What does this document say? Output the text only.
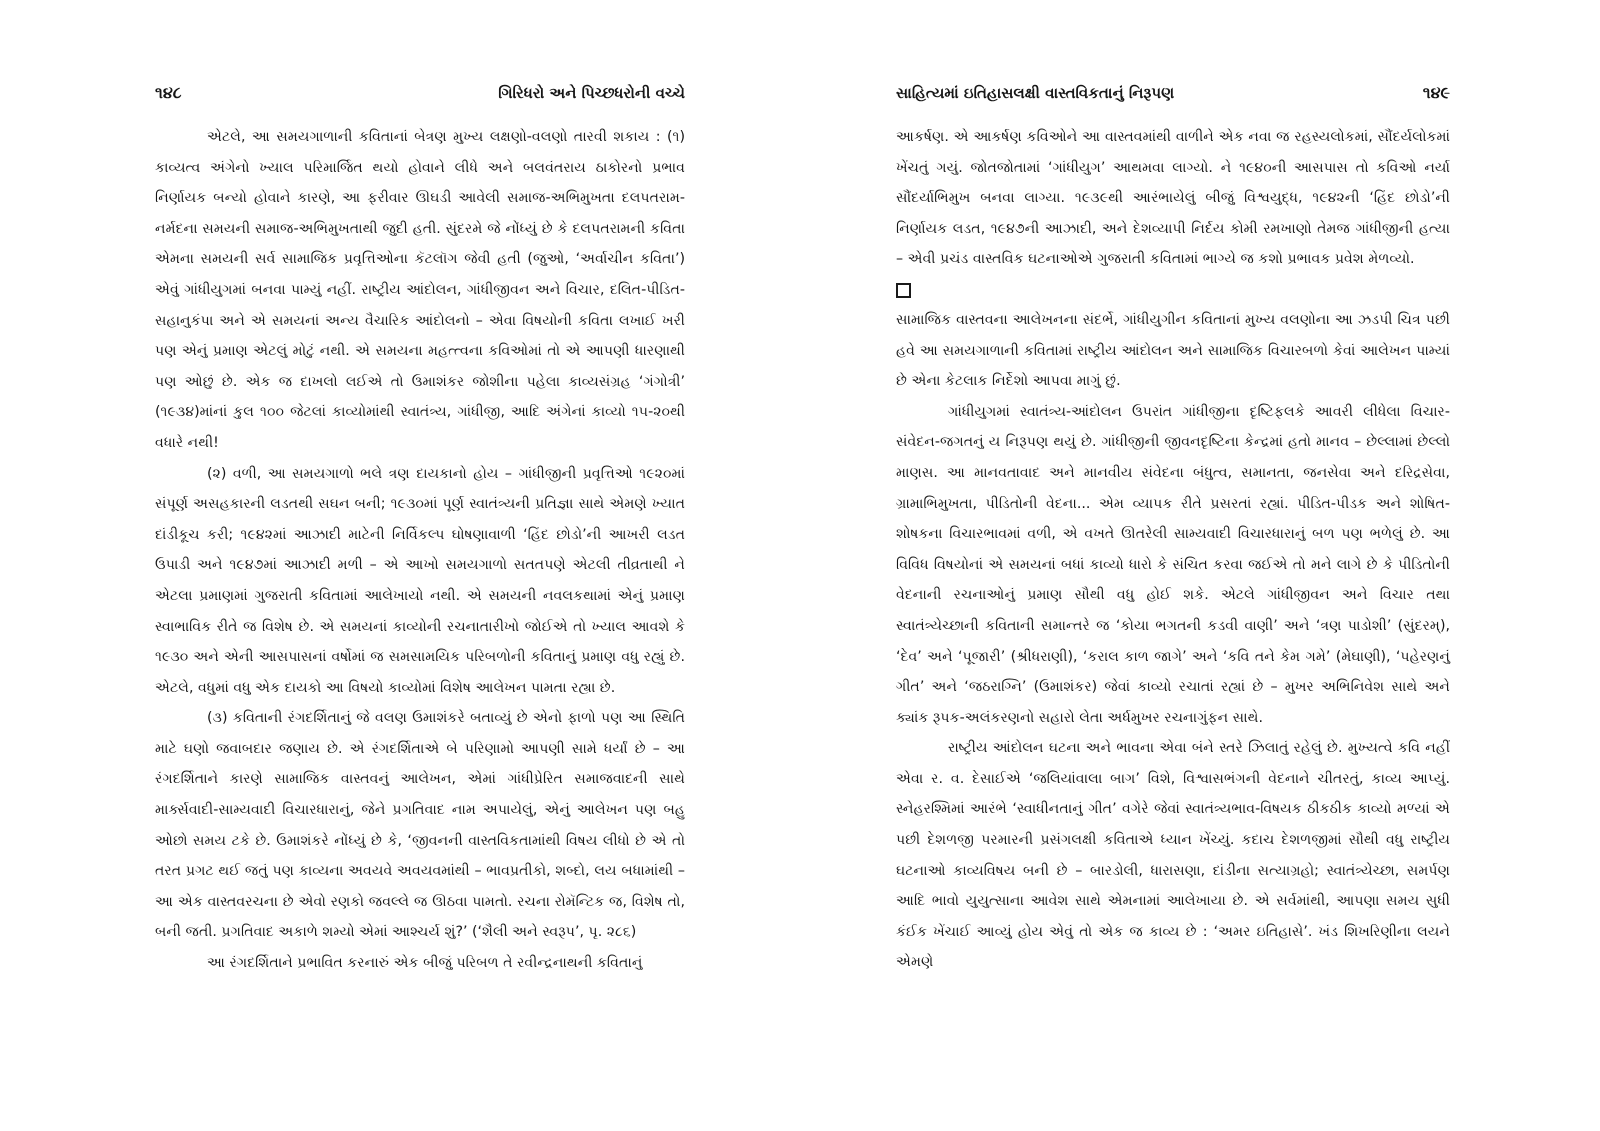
૧૪૮	ગિરિધરો અને પિચ્છધરોની વચ્ચે

એટલે, આ સમયગાળાની કવિતાનાં બેત્રણ મુખ્ય લક્ષણો-વલણો તારવી શકાય : (૧) કાવ્યત્વ અંગેનો ખ્યાલ પરિમાર્જિત થયો હોવાને લીધે અને બલવંતરાય ઠાકોરનો પ્રભાવ નિર્ણાયક બન્યો હોવાને કારણે, આ ફરીવાર ઊઘડી આવેલી સમાજ-અભિમુખતા દલપતરામ-નર્મદના સમયની સમાજ-અભિમુખતાથી જુદી હતી. સુંદરમે જે નોંધ્યું છે કે દલપતરામની કવિતા એમના સમયની સર્વ સામાજિક પ્રવૃત્તિઓના કૅટલૉગ જેવી હતી (જુઓ, ‘અર્વાચીન કવિતા’) એવું ગાંધીયુગમાં બનવા પામ્યું નહીં. રાષ્ટ્રીય આંદોલન, ગાંધીજીવન અને વિચાર, દલિત-પીડિત-સહાનુકંપા અને એ સમયનાં અન્ય વૈચારિક આંદોલનો – એવા વિષયોની કવિતા લખાઈ ખરી પણ એનું પ્રમાણ એટલું મોટું નથી. એ સમયના મહત્ત્વના કવિઓમાં તો એ આપણી ધારણાથી પણ ઓછું છે. એક જ દાખલો લઈએ તો ઉમાશંકર જોશીના પહેલા કાવ્યસંગ્રહ ‘ગંગોત્રી’ (૧૯૩૪)માંનાં કુલ ૧૦૦ જેટલાં કાવ્યોમાંથી સ્વાતંત્ર્ય, ગાંધીજી, આદિ અંગેનાં કાવ્યો ૧૫-૨૦થી વધારે નથી!

(૨) વળી, આ સમયગાળો ભલે ત્રણ દાયકાનો હોય – ગાંધીજીની પ્રવૃત્તિઓ ૧૯૨૦માં સંપૂર્ણ અસહકારની લડતથી સઘન બની; ૧૯૩૦માં પૂર્ણ સ્વાતંત્ર્યની પ્રતિજ્ઞા સાથે એમણે ખ્યાત દાંડીકૂચ કરી; ૧૯૪૨માં આઝાદી માટેની નિર્વિકલ્પ ઘોષણાવાળી ‘હિંદ છોડો’ની આખરી લડત ઉપાડી અને ૧૯૪૭માં આઝાદી મળી – એ આખો સમયગાળો સતતપણે એટલી તીવ્રતાથી ને એટલા પ્રમાણમાં ગુજરાતી કવિતામાં આલેખાયો નથી. એ સમયની નવલકથામાં એનું પ્રમાણ સ્વાભાવિક રીતે જ વિશેષ છે. એ સમયનાં કાવ્યોની રચનાતારીખો જોઈએ તો ખ્યાલ આવશે કે ૧૯૩૦ અને એની આસપાસનાં વર્ષોમાં જ સમસામયિક પરિબળોની કવિતાનું પ્રમાણ વધુ રહ્યું છે. એટલે, વધુમાં વધુ એક દાયકો આ વિષયો કાવ્યોમાં વિશેષ આલેખન પામતા રહ્યા છે.

(૩) કવિતાની રંગદર્શિતાનું જે વલણ ઉમાશંકરે બતાવ્યું છે એનો ફાળો પણ આ સ્થિતિ માટે ઘણો જવાબદાર જણાય છે. એ રંગદર્શિતાએ બે પરિણામો આપણી સામે ધર્યાં છે – આ રંગદર્શિતાને કારણે સામાજિક વાસ્તવનું આલેખન, એમાં ગાંધીપ્રેરિત સમાજવાદની સાથે માર્ક્સવાદી-સામ્યવાદી વિચારધારાનું, જેને પ્રગતિવાદ નામ અપાયેલું, એનું આલેખન પણ બહુ ઓછો સમય ટકે છે. ઉમાશંકરે નોંધ્યું છે કે, ‘જીવનની વાસ્તવિકતામાંથી વિષય લીધો છે એ તો તરત પ્રગટ થઈ જતું પણ કાવ્યના અવયવે અવયવમાંથી – ભાવપ્રતીકો, શબ્દો, લય બધામાંથી – આ એક વાસ્તવરચના છે એવો રણકો જવલ્લે જ ઊઠવા પામતો. રચના રોમૅન્ટિક જ, વિશેષ તો, બની જતી. પ્રગતિવાદ અકાળે શમ્યો એમાં આશ્ચર્ય શું?’ (‘શૈલી અને સ્વરૂપ’, પૃ. ૨૮૬)

આ રંગદર્શિતાને પ્રભાવિત કરનારું એક બીજું પરિબળ તે રવીન્દ્રનાથની કવિતાનું

સાહિત્યમાં ઇતિહાસલક્ષી વાસ્તવિકતાનું નિરૂપણ	૧૪૯

આકર્ષણ. એ આકર્ષણ કવિઓને આ વાસ્તવમાંથી વાળીને એક નવા જ રહસ્યલોકમાં, સૌંદર્યલોકમાં ખેંચતું ગયું. જોતજોતામાં ‘ગાંધીયુગ’ આથમવા લાગ્યો. ને ૧૯૪૦ની આસપાસ તો કવિઓ નર્યા સૌંદર્યાભિમુખ બનવા લાગ્યા. ૧૯૩૯થી આરંભાયેલું બીજું વિશ્વયુદ્ધ, ૧૯૪૨ની ‘હિંદ છોડો’ની નિર્ણાયક લડત, ૧૯૪૭ની આઝાદી, અને દેશવ્યાપી નિર્દય કોમી રમખાણો તેમજ ગાંધીજીની હત્યા – એવી પ્રચંડ વાસ્તવિક ઘટનાઓએ ગુજરાતી કવિતામાં ભાગ્યે જ કશો પ્રભાવક પ્રવેશ મેળવ્યો.

સામાજિક વાસ્તવના આલેખનના સંદર્ભે, ગાંધીયુગીન કવિતાનાં મુખ્ય વલણોના આ ઝડપી ચિત્ર પછી હવે આ સમયગાળાની કવિતામાં રાષ્ટ્રીય આંદોલન અને સામાજિક વિચારબળો કેવાં આલેખન પામ્યાં છે એના કેટલાક નિર્દેશો આપવા માગું છું.

ગાંધીયુગમાં સ્વાતંત્ર્ય-આંદોલન ઉપરાંત ગાંધીજીના દૃષ્ટિફલકે આવરી લીધેલા વિચાર-સંવેદન-જગતનું ય નિરૂપણ થયું છે. ગાંધીજીની જીવનદૃષ્ટિના કેન્દ્રમાં હતો માનવ – છેલ્લામાં છેલ્લો માણસ. આ માનવતાવાદ અને માનવીય સંવેદના બંધુત્વ, સમાનતા, જનસેવા અને દરિદ્રસેવા, ગ્રામાભિમુખતા, પીડિતોની વેદના... એમ વ્યાપક રીતે પ્રસરતાં રહ્યાં. પીડિત-પીડક અને શોષિત-શોષકના વિચારભાવમાં વળી, એ વખતે ઊતરેલી સામ્યવાદી વિચારધારાનું બળ પણ ભળેલું છે. આ વિવિધ વિષયોનાં એ સમયનાં બધાં કાવ્યો ધારો કે સંચિત કરવા જઈએ તો મને લાગે છે કે પીડિતોની વેદનાની રચનાઓનું પ્રમાણ સૌથી વધુ હોઈ શકે. એટલે ગાંધીજીવન અને વિચાર તથા સ્વાતંત્ર્યેચ્છાની કવિતાની સમાન્તરે જ ‘કોયા ભગતની કડવી વાણી’ અને ‘ત્રણ પાડોશી’ (સુંદરમ્), ‘દેવ’ અને ‘પૂજારી’ (શ્રીધરાણી), ‘કરાલ કાળ જાગે’ અને ‘કવિ તને કેમ ગમે’ (મેઘાણી), ‘પહેરણનું ગીત’ અને ‘જઠરાગ્નિ’ (ઉમાશંકર) જેવાં કાવ્યો રચાતાં રહ્યાં છે – મુખર અભિનિવેશ સાથે અને ક્યાંક રૂપક-અલંકરણનો સહારો લેતા અર્ધમુખર રચનાગુંફન સાથે.

રાષ્ટ્રીય આંદોલન ઘટના અને ભાવના એવા બંને સ્તરે ઝિલાતું રહેલું છે. મુખ્યત્વે કવિ નહીં એવા ર. વ. દેસાઈએ ‘જલિયાંવાલા બાગ’ વિશે, વિશ્વાસભંગની વેદનાને ચીતરતું, કાવ્ય આપ્યું. સ્નેહરશ્મિમાં આરંભે ‘સ્વાધીનતાનું ગીત’ વગેરે જેવાં સ્વાતંત્ર્યભાવ-વિષયક ઠીકઠીક કાવ્યો મળ્યાં એ પછી દેશળજી પરમારની પ્રસંગલક્ષી કવિતાએ ધ્યાન ખેંચ્યું. કદાચ દેશળજીમાં સૌથી વધુ રાષ્ટ્રીય ઘટનાઓ કાવ્યવિષય બની છે – બારડોલી, ધારાસણા, દાંડીના સત્યાગ્રહો; સ્વાતંત્ર્યેચ્છા, સમર્પણ આદિ ભાવો યુયુત્સાના આવેશ સાથે એમનામાં આલેખાયા છે. એ સર્વમાંથી, આપણા સમય સુધી કંઈક ખેંચાઈ આવ્યું હોય એવું તો એક જ કાવ્ય છે : ‘અમર ઇતિહાસે’. ખંડ શિખરિણીના લયને એમણે
